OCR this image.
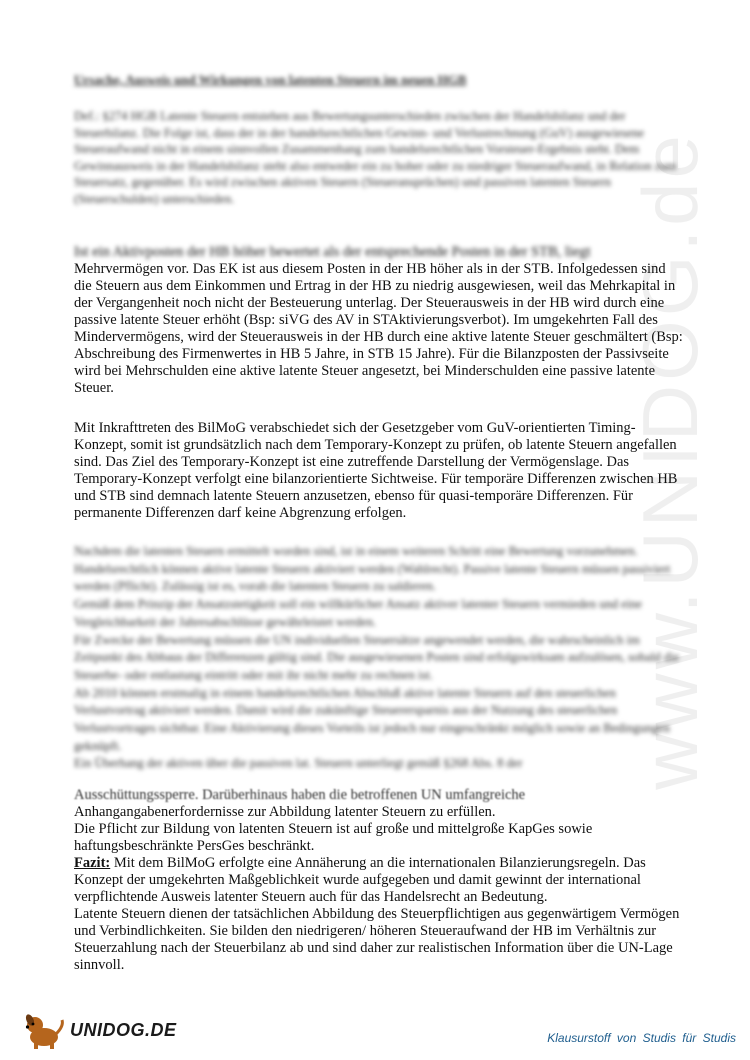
www.UNIDOG.de
Ursache, Ausweis und Wirkungen von latenten Steuern im neuen HGB

Def.: §274 HGB Latente Steuern entstehen aus Bewertungsunterschieden zwischen der Handelsbilanz und der Steuerbilanz. Die Folge ist, dass der in der handelsrechtlichen Gewinn- und Verlustrechnung (GuV) ausgewiesene Steueraufwand nicht in einem sinnvollen Zusammenhang zum handelsrechtlichen Vorsteuer-Ergebnis steht. Dem Gewinnausweis in der Handelsbilanz steht also entweder ein zu hoher oder zu niedriger Steueraufwand, in Relation zum Steuersatz, gegenüber. Es wird zwischen aktiven Steuern (Steueransprüchen) und passiven latenten Steuern (Steuerschulden) unterschieden.

Ist ein Aktivposten der HB höher bewertet als der entsprechende Posten in der STB, liegt

Mehrvermögen vor. Das EK ist aus diesem Posten in der HB höher als in der STB. Infolgedessen sind die Steuern aus dem Einkommen und Ertrag in der HB zu niedrig ausgewiesen, weil das Mehrkapital in der Vergangenheit noch nicht der Besteuerung unterlag. Der Steuerausweis in der HB wird durch eine passive latente Steuer erhöht (Bsp: siVG des AV in STAktivierungsverbot). Im umgekehrten Fall des Mindervermögens, wird der Steuerausweis in der HB durch eine aktive latente Steuer geschmältert (Bsp: Abschreibung des Firmenwertes in HB 5 Jahre, in STB 15 Jahre). Für die Bilanzposten der Passivseite wird bei Mehrschulden eine aktive latente Steuer angesetzt, bei Minderschulden eine passive latente Steuer.

Mit Inkrafttreten des BilMoG verabschiedet sich der Gesetzgeber vom GuV-orientierten Timing-Konzept, somit ist grundsätzlich nach dem Temporary-Konzept zu prüfen, ob latente Steuern angefallen sind. Das Ziel des Temporary-Konzept ist eine zutreffende Darstellung der Vermögenslage. Das Temporary-Konzept verfolgt eine bilanzorientierte Sichtweise. Für temporäre Differenzen zwischen HB und STB sind demnach latente Steuern anzusetzen, ebenso für quasi-temporäre Differenzen. Für permanente Differenzen darf keine Abgrenzung erfolgen.

Nachdem die latenten Steuern ermittelt worden sind, ist in einem weiteren Schritt eine Bewertung vorzunehmen. Handelsrechtlich können aktive latente Steuern aktiviert werden (Wahlrecht). Passive latente Steuern müssen passiviert werden (Pflicht). Zulässig ist es, vorab die latenten Steuern zu saldieren.

Gemäß dem Prinzip der Ansatzstetigkeit soll ein willkürlicher Ansatz aktiver latenter Steuern vermieden und eine Vergleichbarkeit der Jahresabschlüsse gewährleistet werden.

Für Zwecke der Bewertung müssen die UN individuellen Steuersätze angewendet werden, die wahrscheinlich im Zeitpunkt des Abbaus der Differenzen gültig sind. Die ausgewiesenen Posten sind erfolgswirksam aufzulösen, sobald die Steuerbe- oder entlastung eintritt oder mit ihr nicht mehr zu rechnen ist.

Ab 2010 können erstmalig in einem handelsrechtlichen Abschluß aktive latente Steuern auf den steuerlichen Verlustvortrag aktiviert werden. Damit wird die zukünftige Steuerersparnis aus der Nutzung des steuerlichen Verlustvortrages sichtbar. Eine Aktivierung dieses Vorteils ist jedoch nur eingeschränkt möglich sowie an Bedingungen geknüpft.

Ein Überhang der aktiven über die passiven lat. Steuern unterliegt gemäß §268 Abs. 8 der

Ausschüttungssperre. Darüberhinaus haben die betroffenen UN umfangreiche

Anhangangabenerfordernisse zur Abbildung latenter Steuern zu erfüllen.

Die Pflicht zur Bildung von latenten Steuern ist auf große und mittelgroße KapGes sowie haftungsbeschränkte PersGes beschränkt.

Fazit: Mit dem BilMoG erfolgte eine Annäherung an die internationalen Bilanzierungsregeln. Das Konzept der umgekehrten Maßgeblichkeit wurde aufgegeben und damit gewinnt der international verpflichtende Ausweis latenter Steuern auch für das Handelsrecht an Bedeutung.

Latente Steuern dienen der tatsächlichen Abbildung des Steuerpflichtigen aus gegenwärtigem Vermögen und Verbindlichkeiten. Sie bilden den niedrigeren/ höheren Steueraufwand der HB im Verhältnis zur Steuerzahlung nach der Steuerbilanz ab und sind daher zur realistischen Information über die UN-Lage sinnvoll.

UNIDOG.DE	Klausurstoff von Studis für Studis
